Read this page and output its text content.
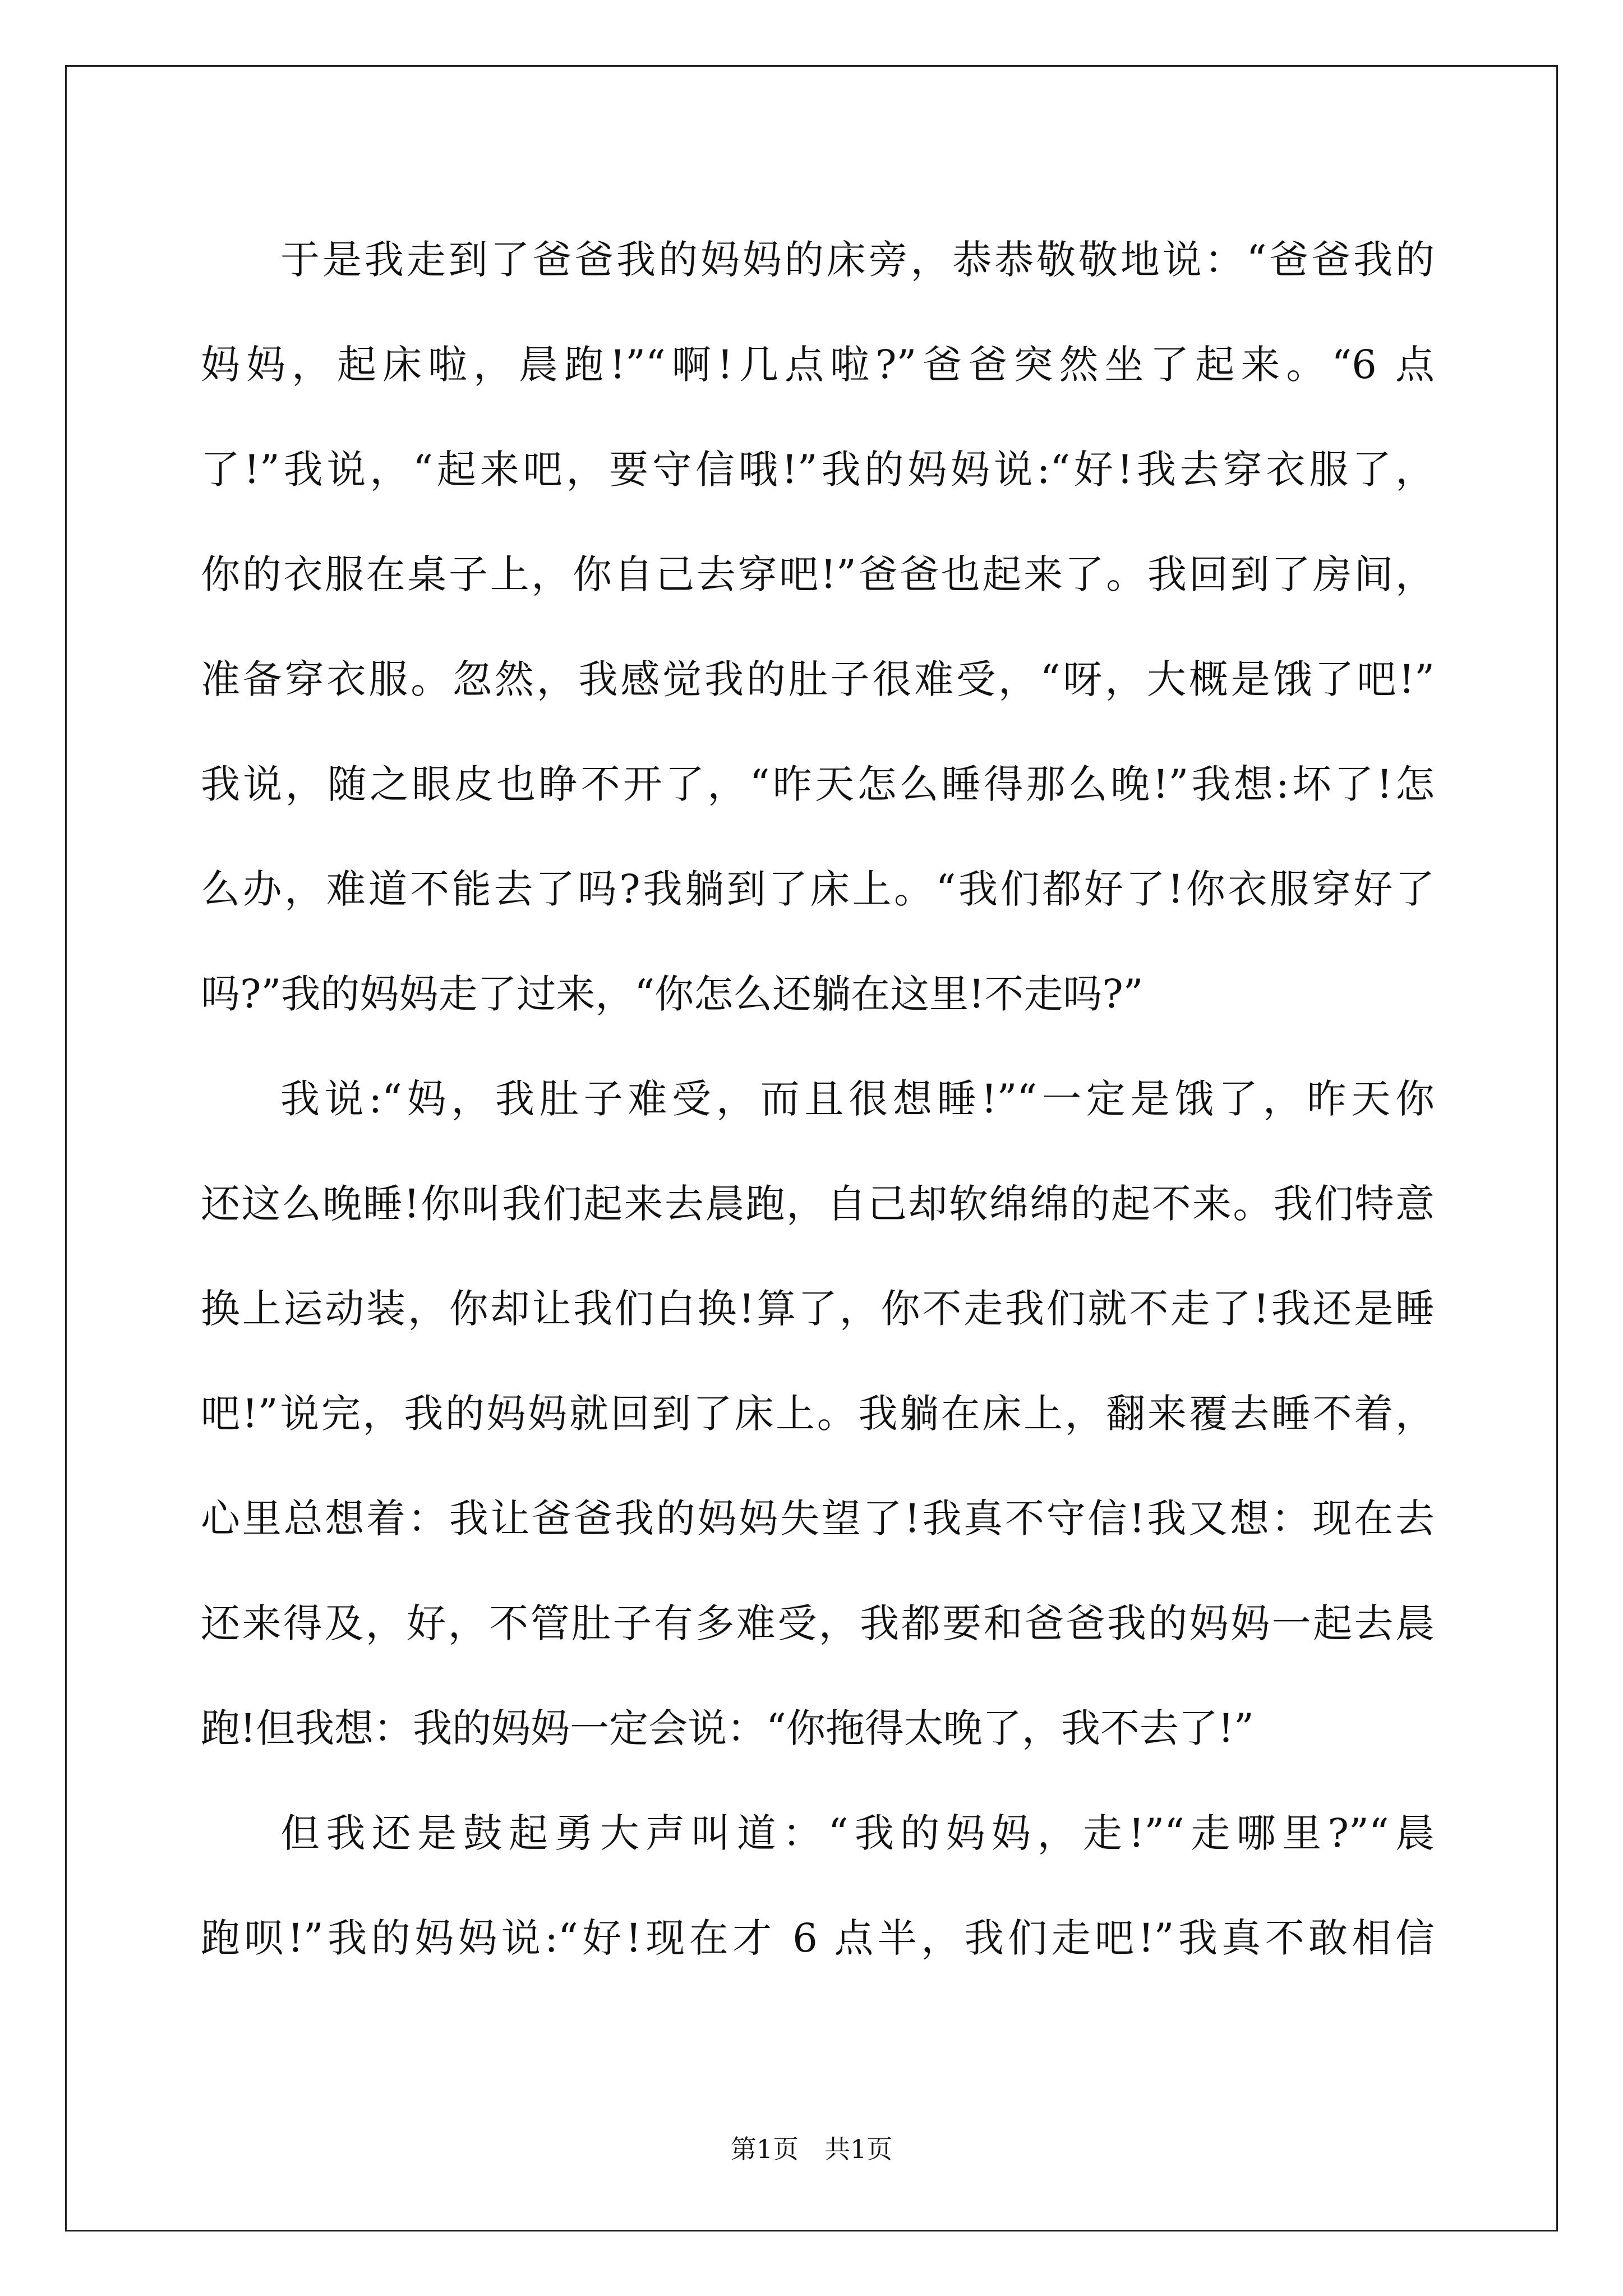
于是我走到了爸爸我的妈妈的床旁，恭恭敬敬地说：“爸爸我的
妈妈，起床啦，晨跑!”“啊!几点啦?”爸爸突然坐了起来。“6 点
了!”我说，“起来吧，要守信哦!”我的妈妈说:“好!我去穿衣服了，
你的衣服在桌子上，你自己去穿吧!”爸爸也起来了。我回到了房间，
准备穿衣服。忽然，我感觉我的肚子很难受，“呀，大概是饿了吧!”
我说，随之眼皮也睁不开了，“昨天怎么睡得那么晚!”我想:坏了!怎
么办，难道不能去了吗?我躺到了床上。“我们都好了!你衣服穿好了
吗?”我的妈妈走了过来，“你怎么还躺在这里!不走吗?”
我说:“妈，我肚子难受，而且很想睡!”“一定是饿了，昨天你
还这么晚睡!你叫我们起来去晨跑，自己却软绵绵的起不来。我们特意
换上运动装，你却让我们白换!算了，你不走我们就不走了!我还是睡
吧!”说完，我的妈妈就回到了床上。我躺在床上，翻来覆去睡不着，
心里总想着：我让爸爸我的妈妈失望了!我真不守信!我又想：现在去
还来得及，好，不管肚子有多难受，我都要和爸爸我的妈妈一起去晨
跑!但我想：我的妈妈一定会说：“你拖得太晚了，我不去了!”
但我还是鼓起勇大声叫道：“我的妈妈，走!”“走哪里?”“晨
跑呗!”我的妈妈说:“好!现在才 6 点半，我们走吧!”我真不敢相信
第1页　共1页
